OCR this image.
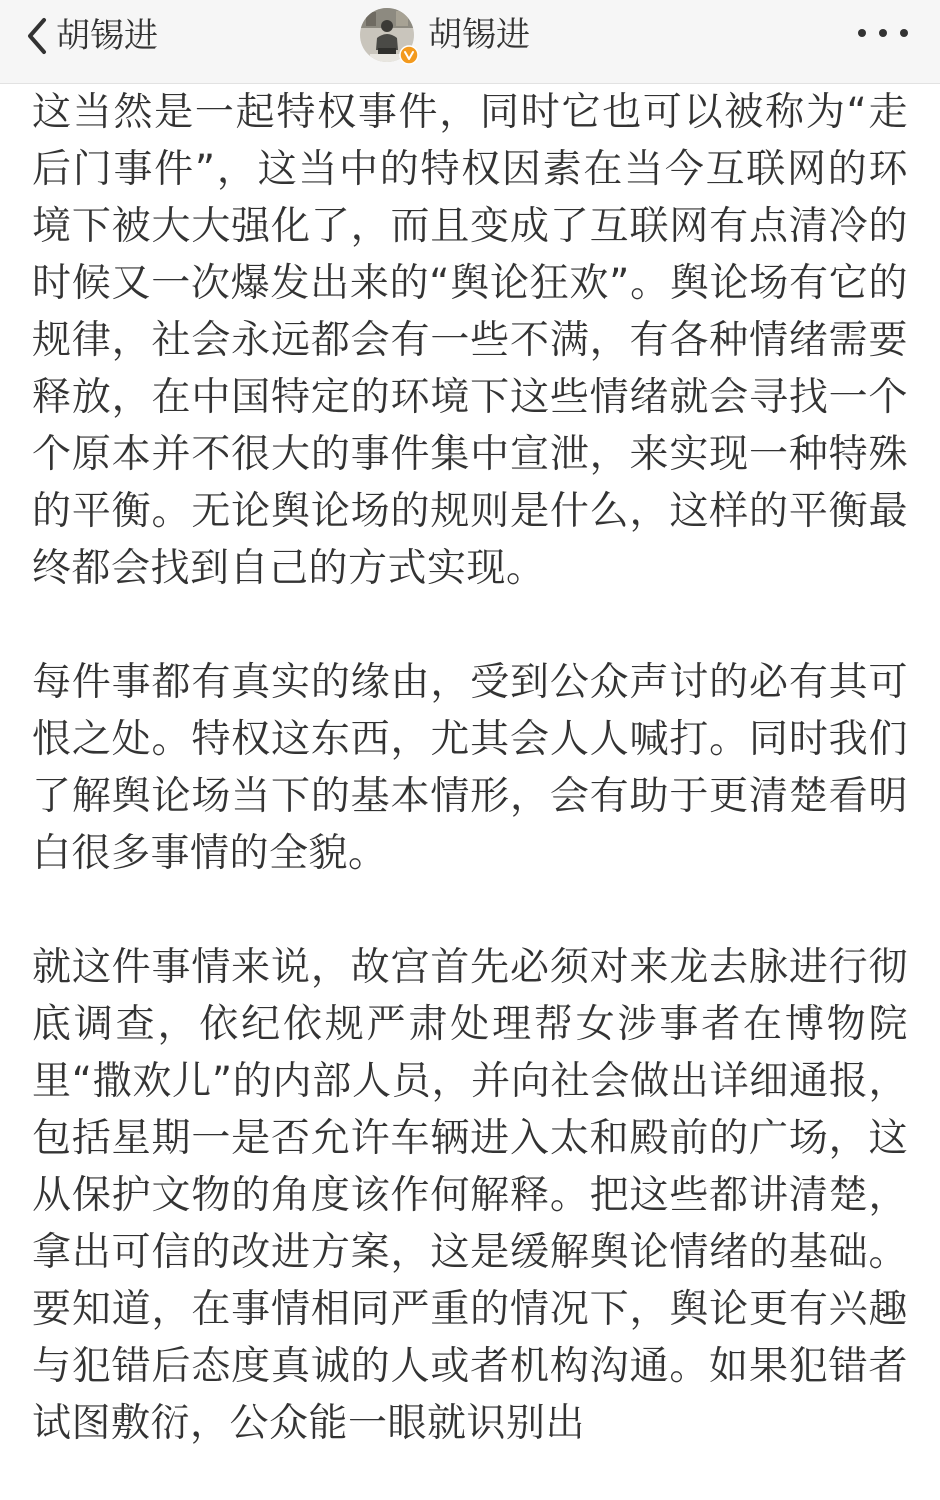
胡锡进	胡锡进

这当然是一起特权事件，同时它也可以被称为“走后门事件”，这当中的特权因素在当今互联网的环境下被大大强化了，而且变成了互联网有点清冷的时候又一次爆发出来的“舆论狂欢”。舆论场有它的规律，社会永远都会有一些不满，有各种情绪需要释放，在中国特定的环境下这些情绪就会寻找一个个原本并不很大的事件集中宣泄，来实现一种特殊的平衡。无论舆论场的规则是什么，这样的平衡最终都会找到自己的方式实现。

每件事都有真实的缘由，受到公众声讨的必有其可恨之处。特权这东西，尤其会人人喊打。同时我们了解舆论场当下的基本情形，会有助于更清楚看明白很多事情的全貌。

就这件事情来说，故宫首先必须对来龙去脉进行彻底调查，依纪依规严肃处理帮女涉事者在博物院里“撒欢儿”的内部人员，并向社会做出详细通报，包括星期一是否允许车辆进入太和殿前的广场，这从保护文物的角度该作何解释。把这些都讲清楚，拿出可信的改进方案，这是缓解舆论情绪的基础。要知道，在事情相同严重的情况下，舆论更有兴趣与犯错后态度真诚的人或者机构沟通。如果犯错者试图敷衍，公众能一眼就识别出
